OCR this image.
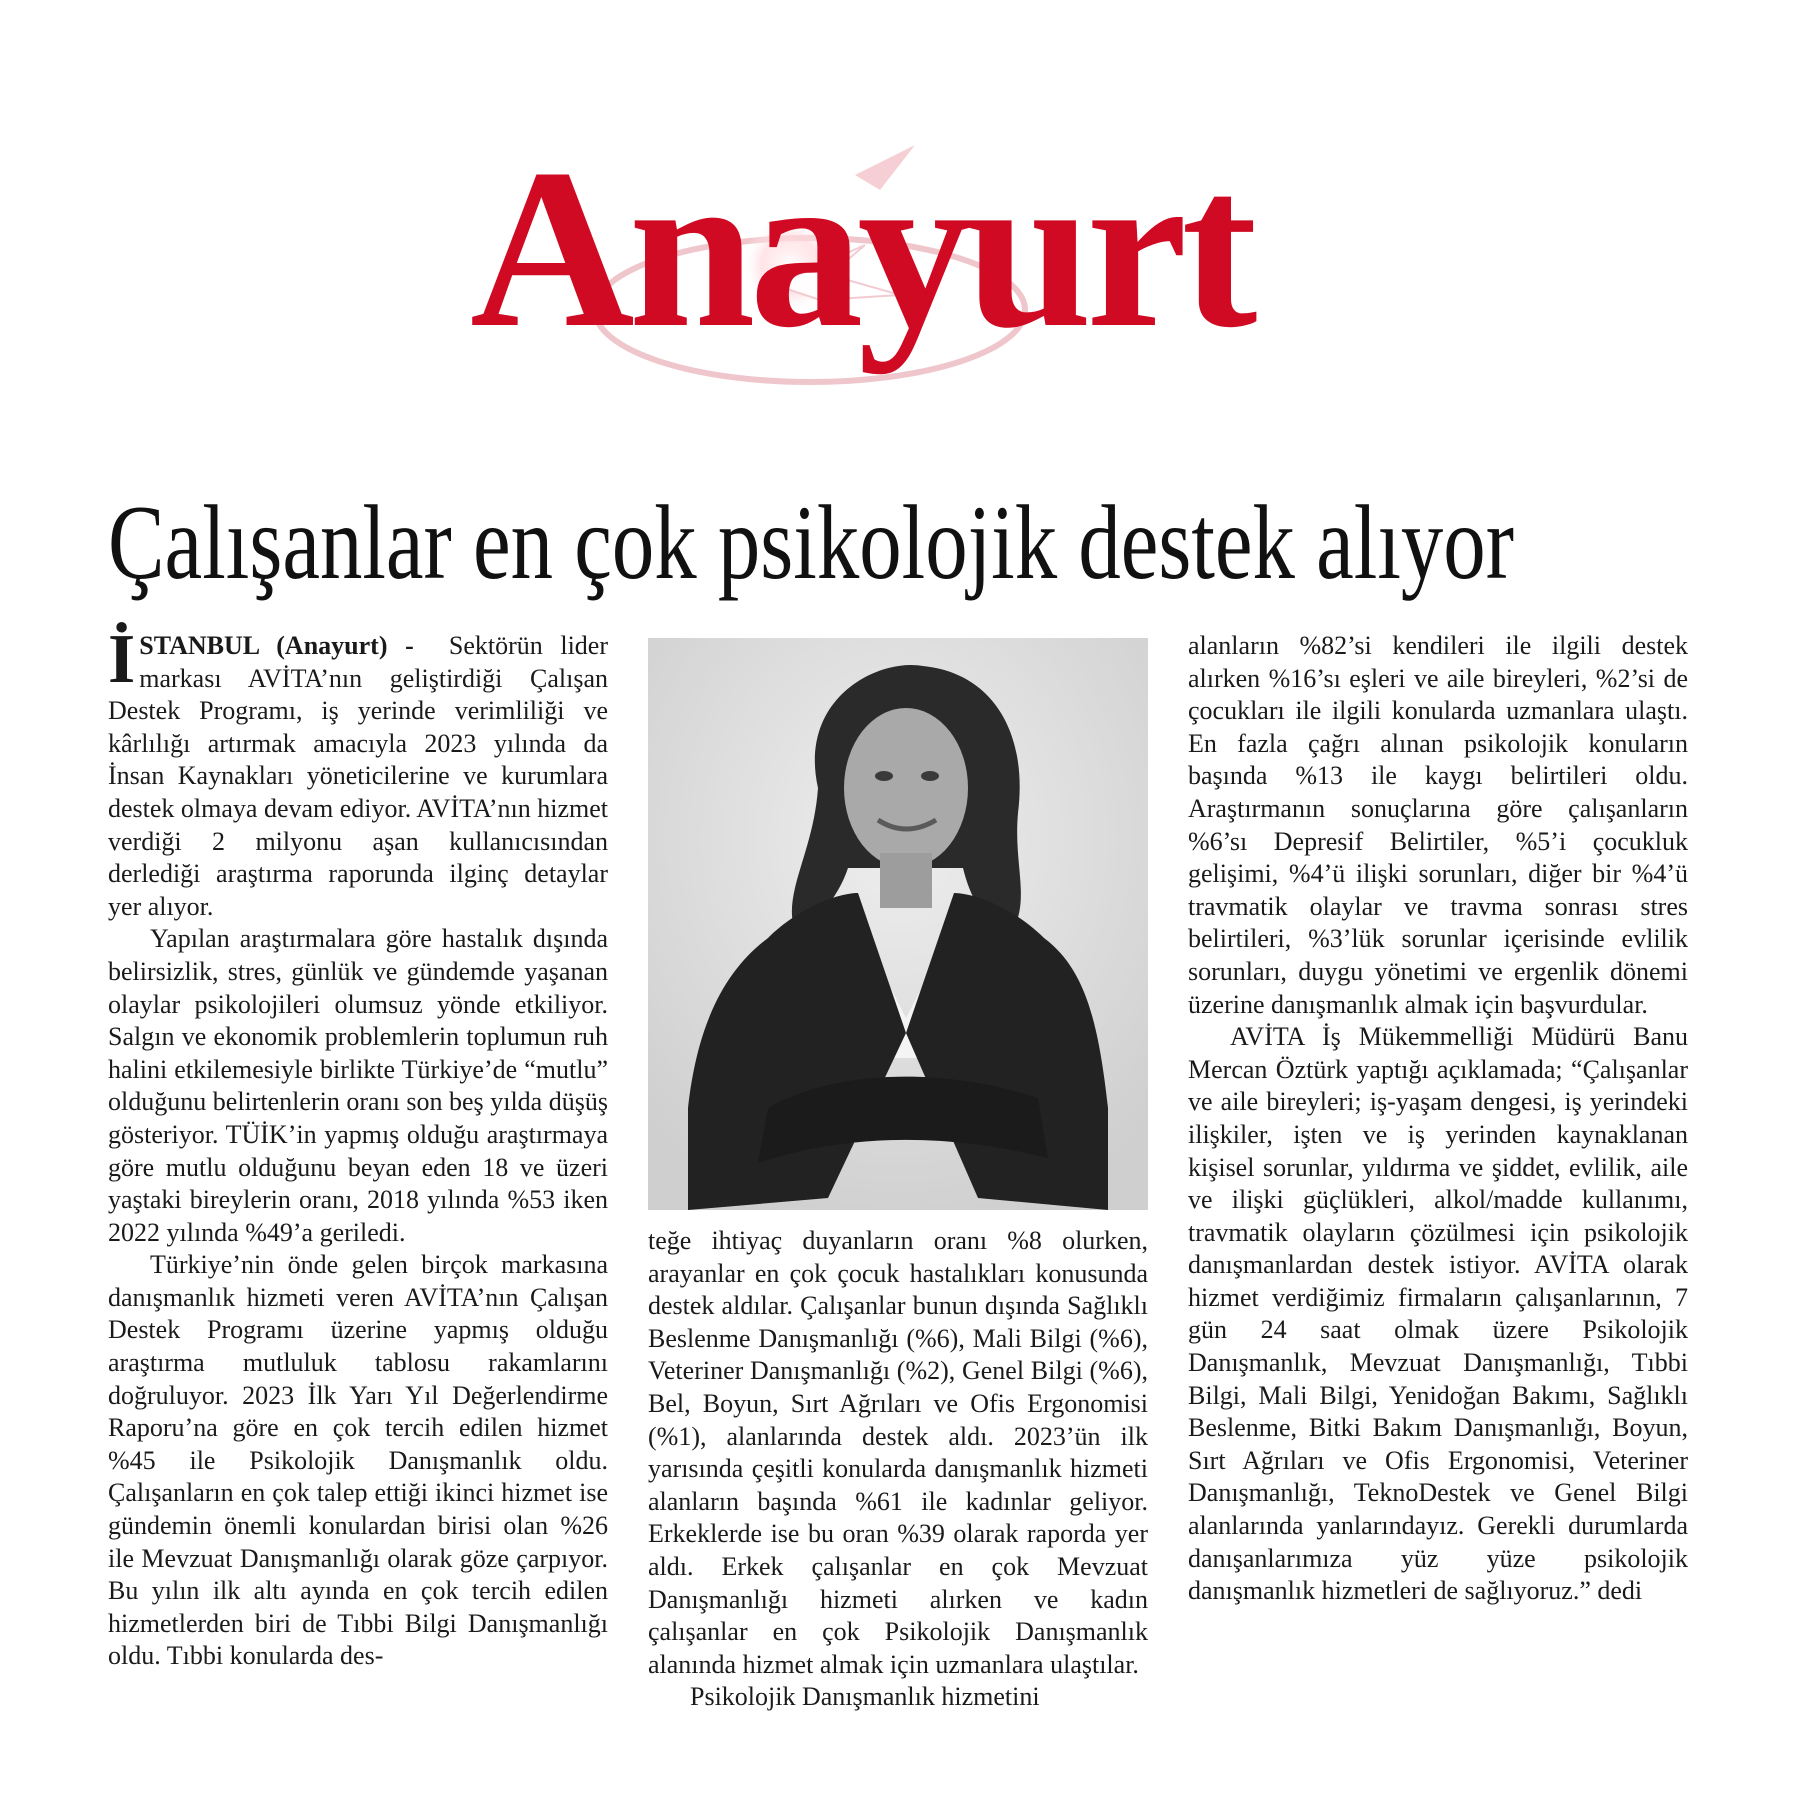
Anayurt
Çalışanlar en çok psikolojik destek alıyor

İSTANBUL (Anayurt) - Sektörün lider markası AVİTA’nın geliştirdiği Çalışan Destek Programı, iş yerinde verimliliği ve kârlılığı artırmak amacıyla 2023 yılında da İnsan Kaynakları yöneticilerine ve kurumlara destek olmaya devam ediyor. AVİTA’nın hizmet verdiği 2 milyonu aşan kullanıcısından derlediği araştırma raporunda ilginç detaylar yer alıyor.

Yapılan araştırmalara göre hastalık dışında belirsizlik, stres, günlük ve gündemde yaşanan olaylar psikolojileri olumsuz yönde etkiliyor. Salgın ve ekonomik problemlerin toplumun ruh halini etkilemesiyle birlikte Türkiye’de “mutlu” olduğunu belirtenlerin oranı son beş yılda düşüş gösteriyor. TÜİK’in yapmış olduğu araştırmaya göre mutlu olduğunu beyan eden 18 ve üzeri yaştaki bireylerin oranı, 2018 yılında %53 iken 2022 yılında %49’a geriledi.

Türkiye’nin önde gelen birçok markasına danışmanlık hizmeti veren AVİTA’nın Çalışan Destek Programı üzerine yapmış olduğu araştırma mutluluk tablosu rakamlarını doğruluyor. 2023 İlk Yarı Yıl Değerlendirme Raporu’na göre en çok tercih edilen hizmet %45 ile Psikolojik Danışmanlık oldu. Çalışanların en çok talep ettiği ikinci hizmet ise gündemin önemli konulardan birisi olan %26 ile Mevzuat Danışmanlığı olarak göze çarpıyor. Bu yılın ilk altı ayında en çok tercih edilen hizmetlerden biri de Tıbbi Bilgi Danışmanlığı oldu. Tıbbi konularda des-

teğe ihtiyaç duyanların oranı %8 olurken, arayanlar en çok çocuk hastalıkları konusunda destek aldılar. Çalışanlar bunun dışında Sağlıklı Beslenme Danışmanlığı (%6), Mali Bilgi (%6), Veteriner Danışmanlığı (%2), Genel Bilgi (%6), Bel, Boyun, Sırt Ağrıları ve Ofis Ergonomisi (%1), alanlarında destek aldı. 2023’ün ilk yarısında çeşitli konularda danışmanlık hizmeti alanların başında %61 ile kadınlar geliyor. Erkeklerde ise bu oran %39 olarak raporda yer aldı. Erkek çalışanlar en çok Mevzuat Danışmanlığı hizmeti alırken ve kadın çalışanlar en çok Psikolojik Danışmanlık alanında hizmet almak için uzmanlara ulaştılar.

Psikolojik Danışmanlık hizmetini

alanların %82’si kendileri ile ilgili destek alırken %16’sı eşleri ve aile bireyleri, %2’si de çocukları ile ilgili konularda uzmanlara ulaştı. En fazla çağrı alınan psikolojik konuların başında %13 ile kaygı belirtileri oldu. Araştırmanın sonuçlarına göre çalışanların %6’sı Depresif Belirtiler, %5’i çocukluk gelişimi, %4’ü ilişki sorunları, diğer bir %4’ü travmatik olaylar ve travma sonrası stres belirtileri, %3’lük sorunlar içerisinde evlilik sorunları, duygu yönetimi ve ergenlik dönemi üzerine danışmanlık almak için başvurdular.

AVİTA İş Mükemmelliği Müdürü Banu Mercan Öztürk yaptığı açıklamada; “Çalışanlar ve aile bireyleri; iş-yaşam dengesi, iş yerindeki ilişkiler, işten ve iş yerinden kaynaklanan kişisel sorunlar, yıldırma ve şiddet, evlilik, aile ve ilişki güçlükleri, alkol/madde kullanımı, travmatik olayların çözülmesi için psikolojik danışmanlardan destek istiyor. AVİTA olarak hizmet verdiğimiz firmaların çalışanlarının, 7 gün 24 saat olmak üzere Psikolojik Danışmanlık, Mevzuat Danışmanlığı, Tıbbi Bilgi, Mali Bilgi, Yenidoğan Bakımı, Sağlıklı Beslenme, Bitki Bakım Danışmanlığı, Boyun, Sırt Ağrıları ve Ofis Ergonomisi, Veteriner Danışmanlığı, TeknoDestek ve Genel Bilgi alanlarında yanlarındayız. Gerekli durumlarda danışanlarımıza yüz yüze psikolojik danışmanlık hizmetleri de sağlıyoruz.” dedi
